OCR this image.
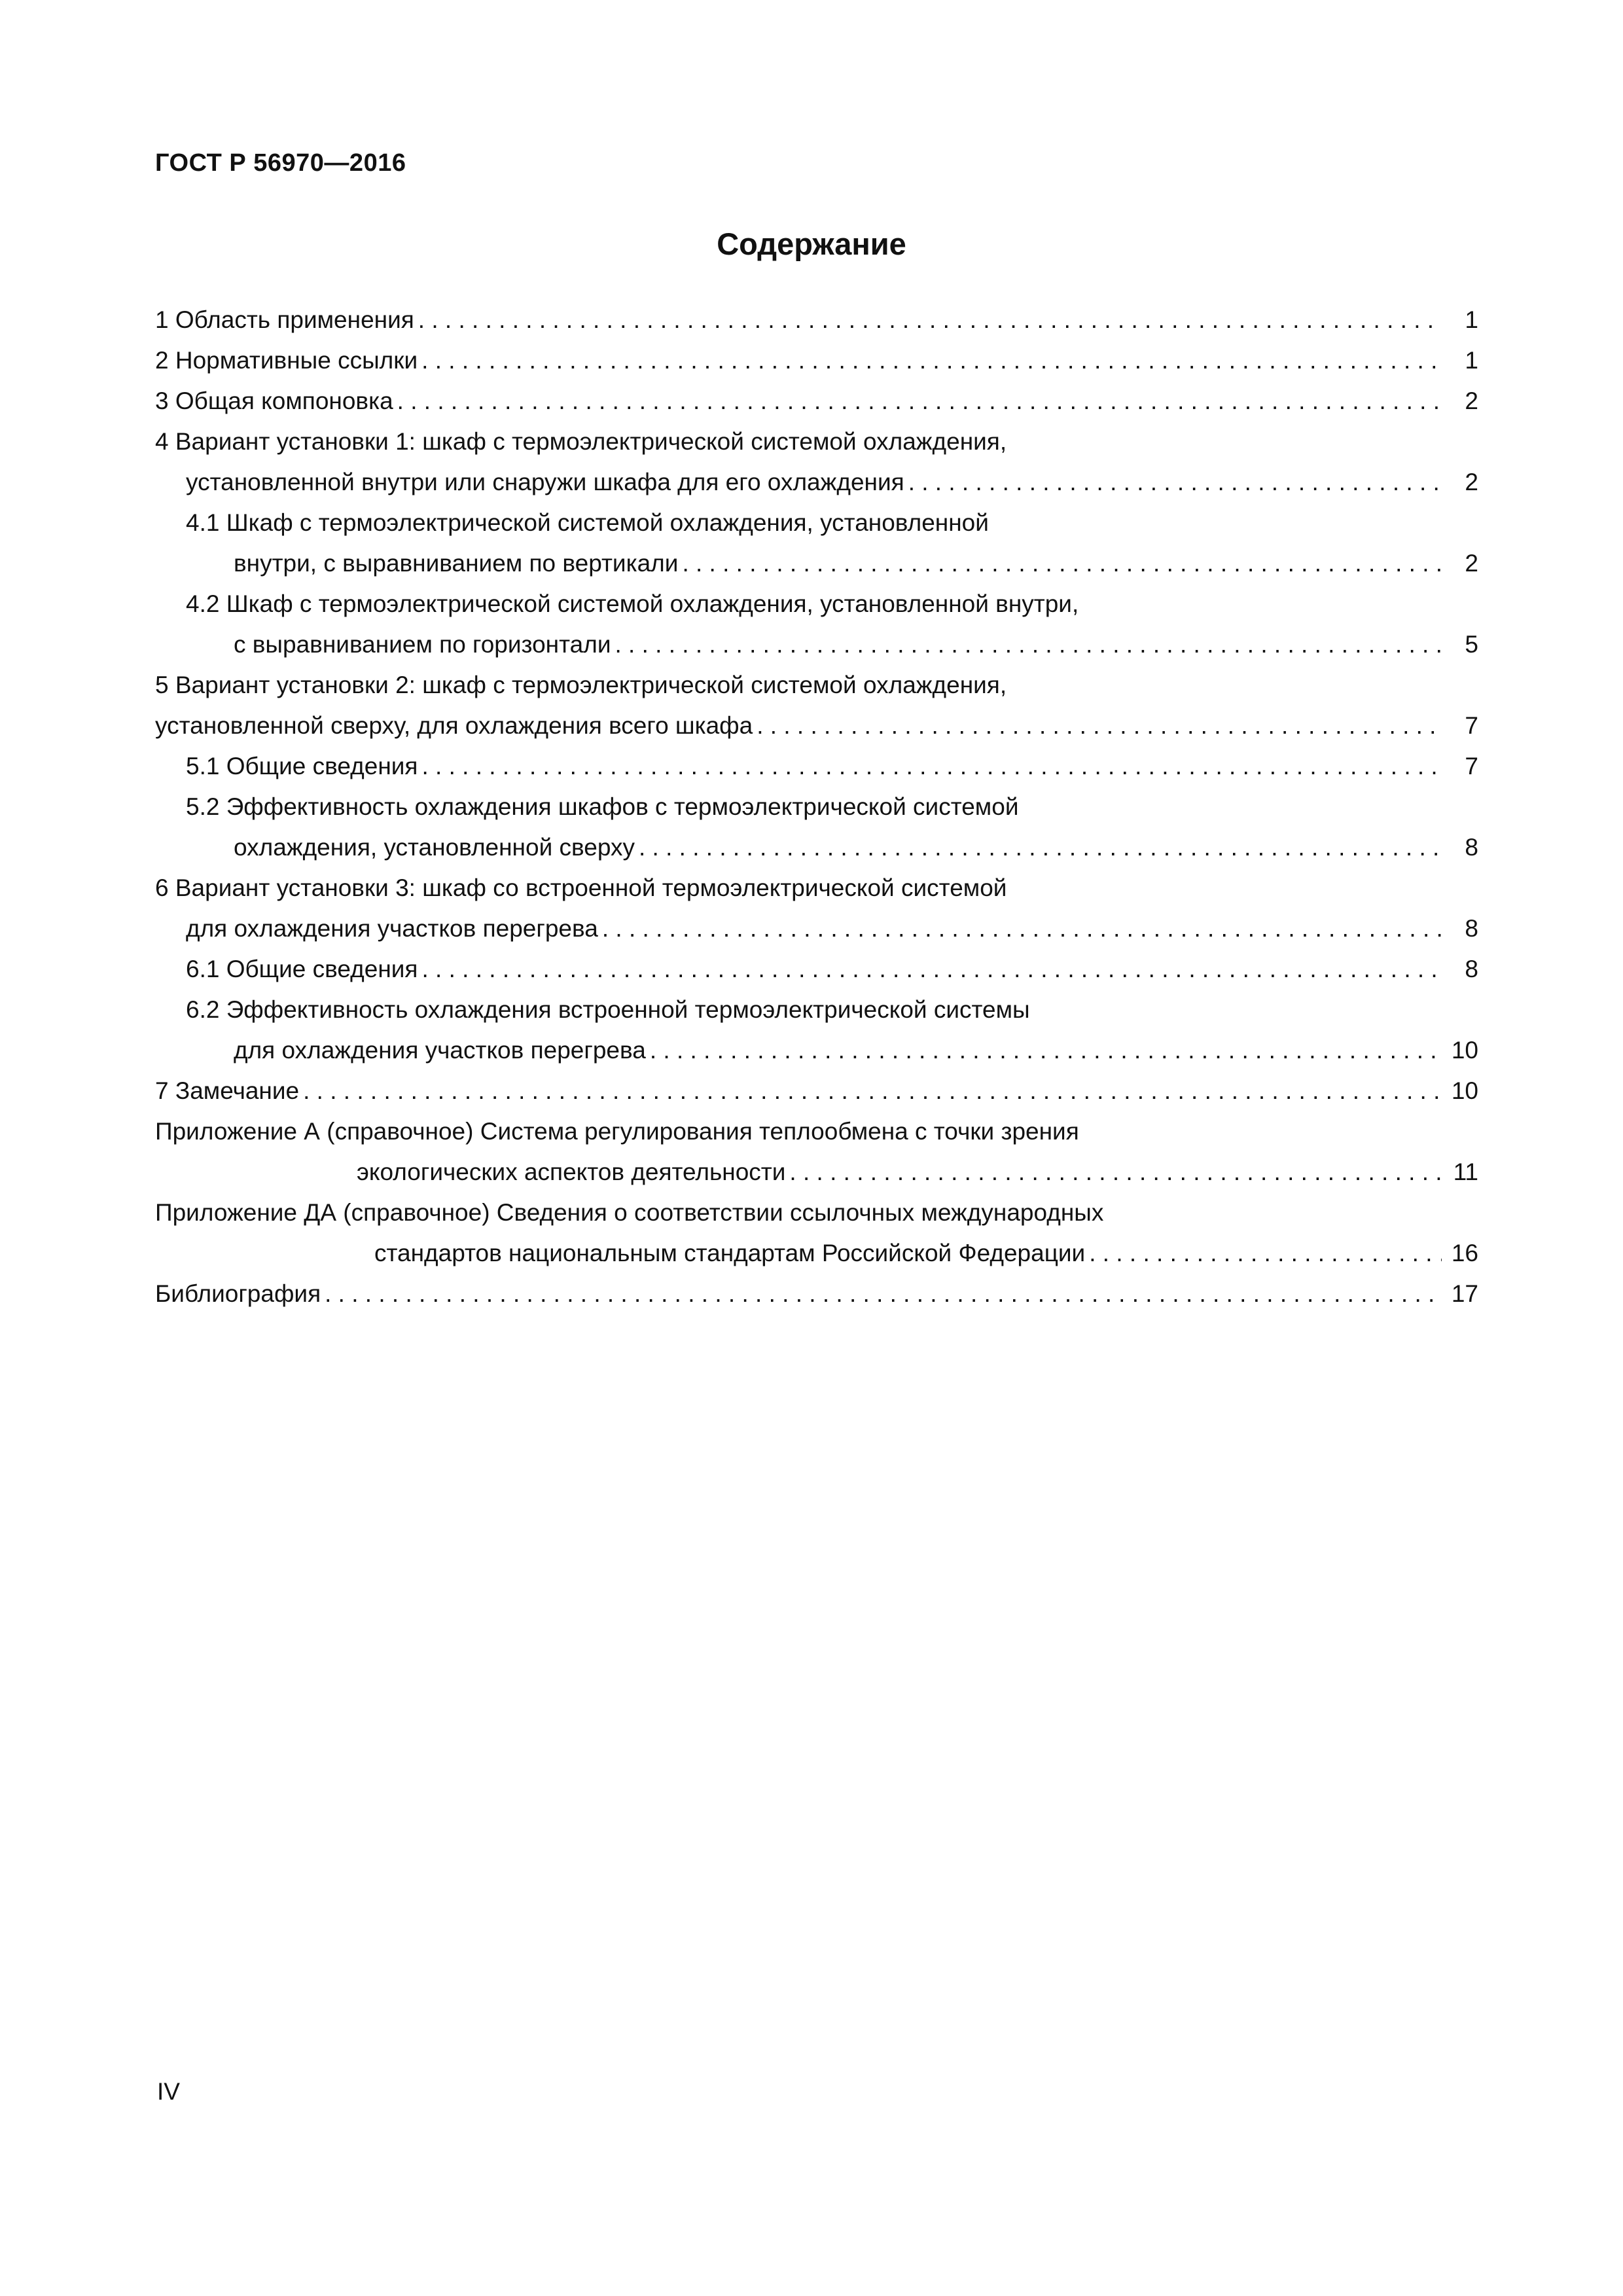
ГОСТ Р 56970—2016
Содержание
1 Область применения . . .	1
2 Нормативные ссылки . . .	1
3 Общая компоновка . . .	2
4 Вариант установки 1: шкаф с термоэлектрической системой охлаждения,
установленной внутри или снаружи шкафа для его охлаждения . . .	2
4.1 Шкаф с термоэлектрической системой охлаждения, установленной
внутри, с выравниванием по вертикали . . .	2
4.2 Шкаф с термоэлектрической системой охлаждения, установленной внутри,
с выравниванием по горизонтали . . .	5
5 Вариант установки 2: шкаф с термоэлектрической системой охлаждения,
установленной сверху, для охлаждения всего шкафа . . .	7
5.1 Общие сведения . . .	7
5.2 Эффективность охлаждения шкафов с термоэлектрической системой
охлаждения, установленной сверху . . .	8
6 Вариант установки 3: шкаф со встроенной термоэлектрической системой
для охлаждения участков перегрева . . .	8
6.1 Общие сведения . . .	8
6.2 Эффективность охлаждения встроенной термоэлектрической системы
для охлаждения участков перегрева . . .	10
7 Замечание . . .	10
Приложение А (справочное) Система регулирования теплообмена с точки зрения
экологических аспектов деятельности . . .	11
Приложение ДА (справочное) Сведения о соответствии ссылочных международных
стандартов национальным стандартам Российской Федерации . . .	16
Библиография . . .	17
IV
